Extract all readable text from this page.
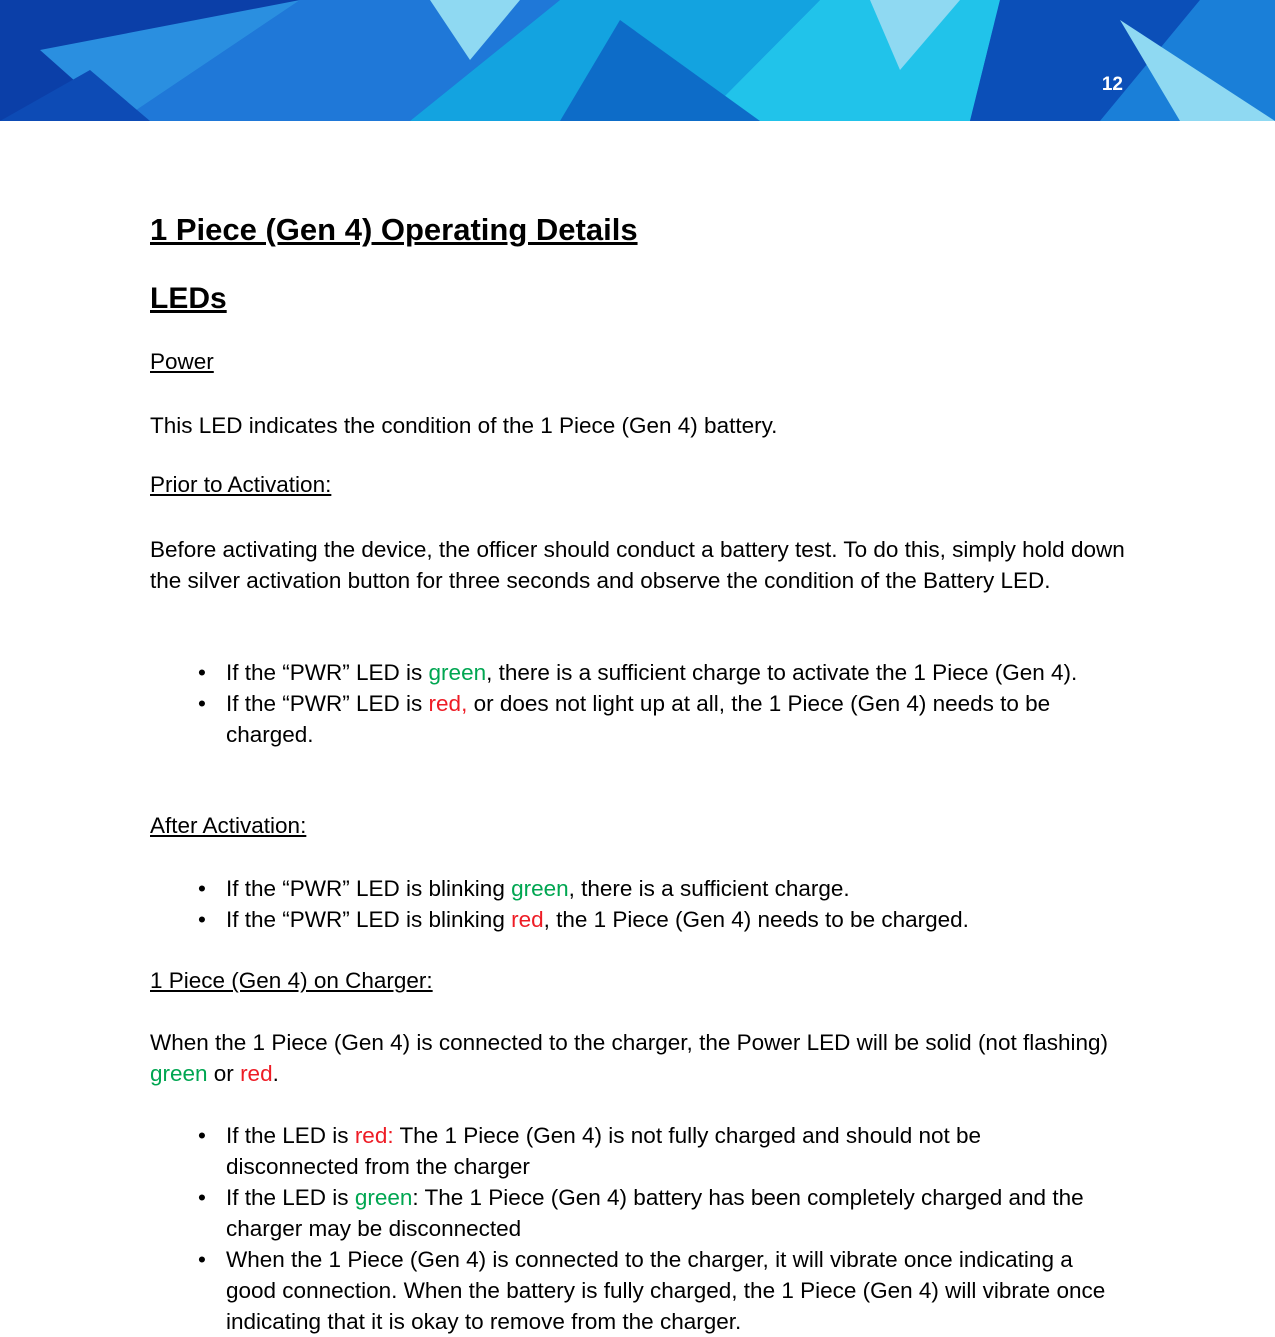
12
1 Piece (Gen 4) Operating Details
LEDs
Power
This LED indicates the condition of the 1 Piece (Gen 4) battery.
Prior to Activation:
Before activating the device, the officer should conduct a battery test. To do this, simply hold down the silver activation button for three seconds and observe the condition of the Battery LED.
• If the “PWR” LED is green, there is a sufficient charge to activate the 1 Piece (Gen 4).
• If the “PWR” LED is red, or does not light up at all, the 1 Piece (Gen 4) needs to be charged.
After Activation:
• If the “PWR” LED is blinking green, there is a sufficient charge.
• If the “PWR” LED is blinking red, the 1 Piece (Gen 4) needs to be charged.
1 Piece (Gen 4) on Charger:
When the 1 Piece (Gen 4) is connected to the charger, the Power LED will be solid (not flashing) green or red.
• If the LED is red: The 1 Piece (Gen 4) is not fully charged and should not be disconnected from the charger
• If the LED is green: The 1 Piece (Gen 4) battery has been completely charged and the charger may be disconnected
• When the 1 Piece (Gen 4) is connected to the charger, it will vibrate once indicating a good connection. When the battery is fully charged, the 1 Piece (Gen 4) will vibrate once indicating that it is okay to remove from the charger.
